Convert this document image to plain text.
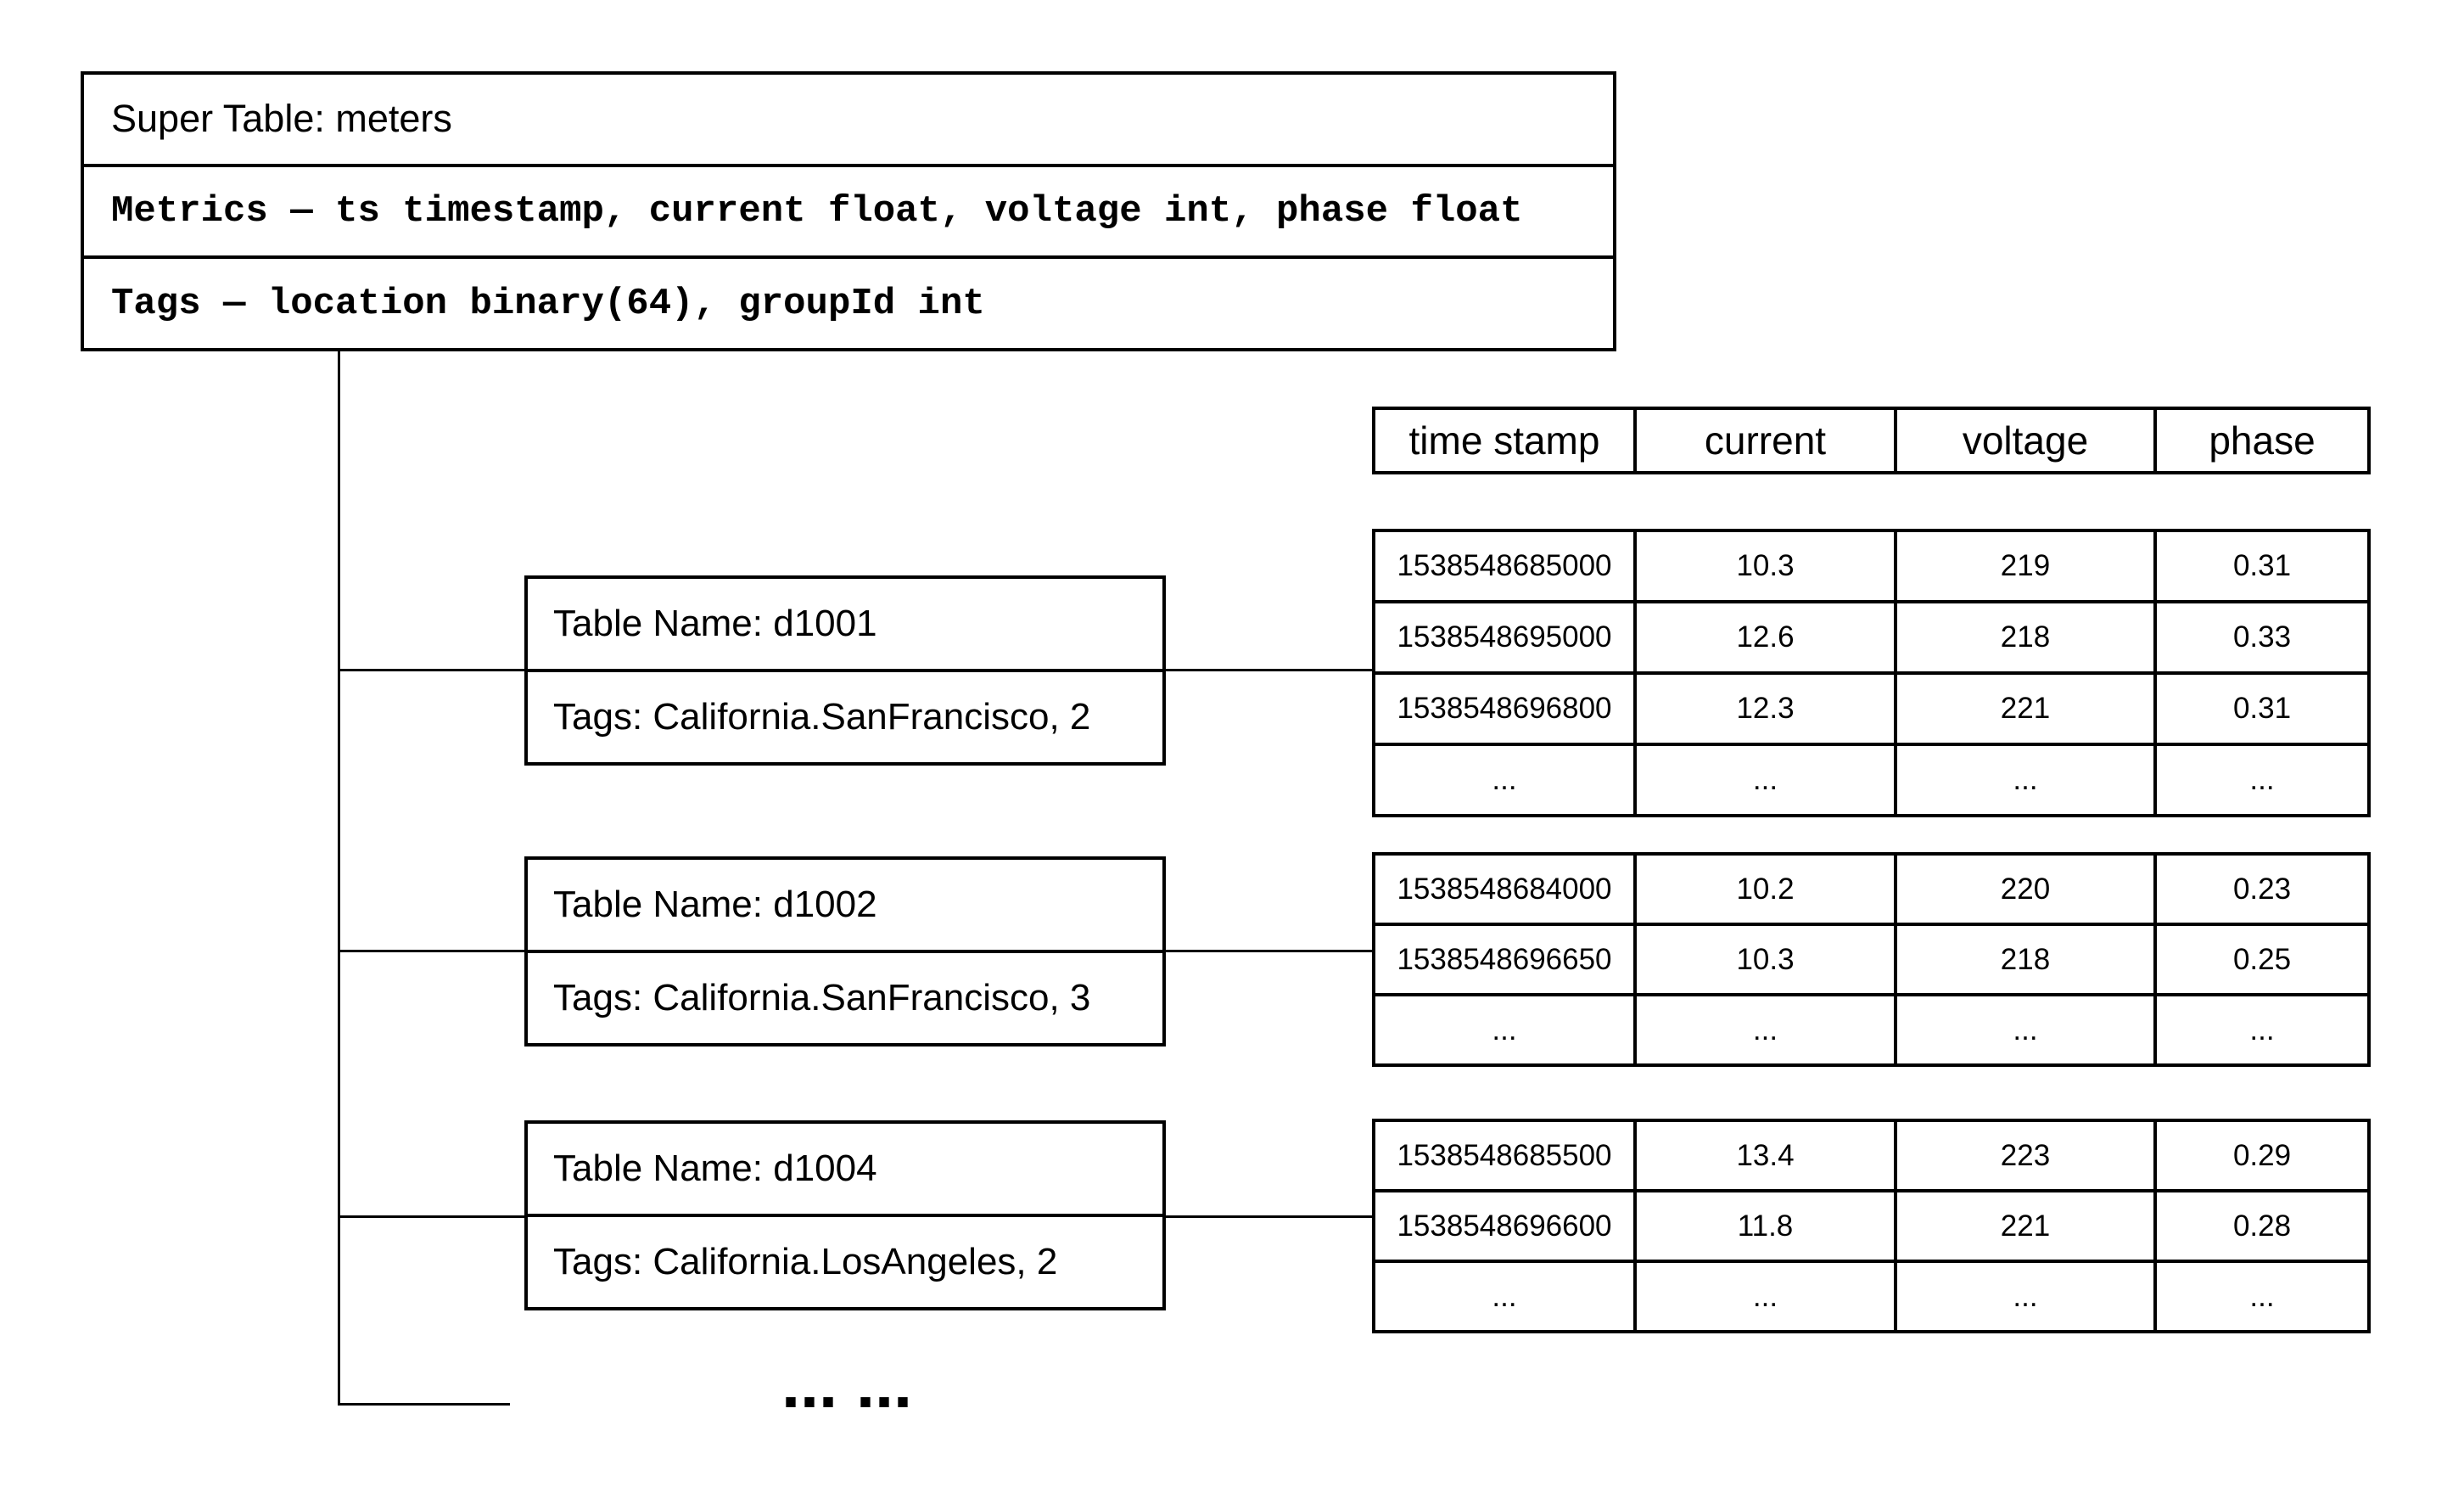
Super Table: meters
Metrics — ts timestamp, current float, voltage int, phase float
Tags — location binary(64), groupId int
time stamp	current	voltage	phase
Table Name: d1001
Tags: California.SanFrancisco, 2
1538548685000	10.3	219	0.31
1538548695000	12.6	218	0.33
1538548696800	12.3	221	0.31
...	...	...	...
Table Name: d1002
Tags: California.SanFrancisco, 3
1538548684000	10.2	220	0.23
1538548696650	10.3	218	0.25
...	...	...	...
Table Name: d1004
Tags: California.LosAngeles, 2
1538548685500	13.4	223	0.29
1538548696600	11.8	221	0.28
...	...	...	...
... ...
